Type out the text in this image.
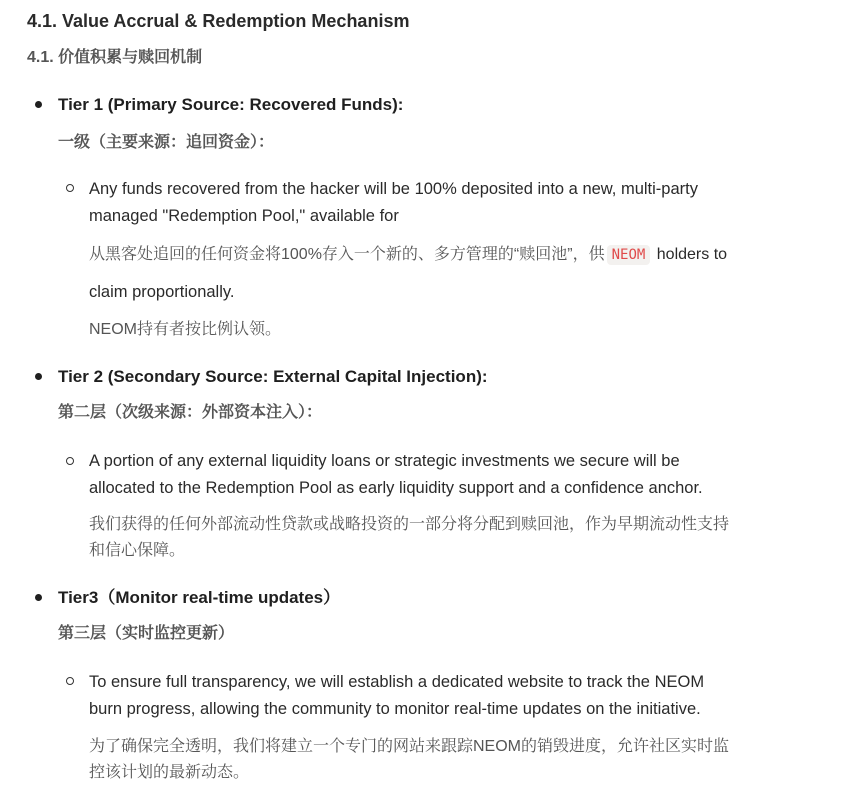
4.1. Value Accrual & Redemption Mechanism
4.1. 价值积累与赎回机制
Tier 1 (Primary Source: Recovered Funds):
一级（主要来源：追回资金）：
Any funds recovered from the hacker will be 100% deposited into a new, multi-party
managed "Redemption Pool," available for
从黑客处追回的任何资金将100%存入一个新的、多方管理的“赎回池”，供 NEOM holders to
claim proportionally.
NEOM持有者按比例认领。
Tier 2 (Secondary Source: External Capital Injection):
第二层（次级来源：外部资本注入）：
A portion of any external liquidity loans or strategic investments we secure will be
allocated to the Redemption Pool as early liquidity support and a confidence anchor.
我们获得的任何外部流动性贷款或战略投资的一部分将分配到赎回池，作为早期流动性支持
和信心保障。
Tier3（Monitor real-time updates）
第三层（实时监控更新）
To ensure full transparency, we will establish a dedicated website to track the NEOM
burn progress, allowing the community to monitor real-time updates on the initiative.
为了确保完全透明，我们将建立一个专门的网站来跟踪NEOM的销毁进度，允许社区实时监
控该计划的最新动态。
